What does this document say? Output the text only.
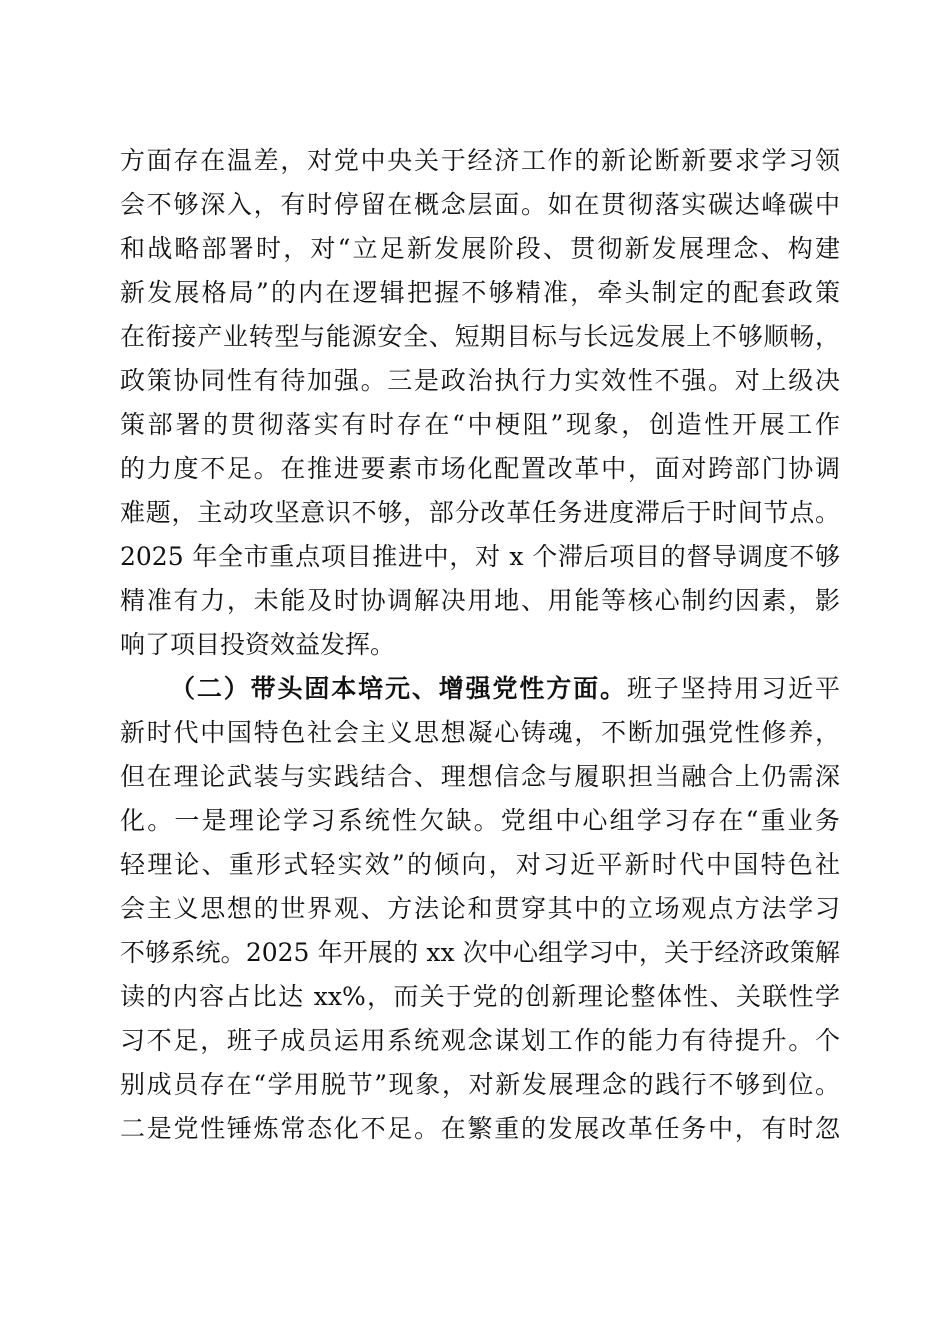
方面存在温差，对党中央关于经济工作的新论断新要求学习领
会不够深入，有时停留在概念层面。如在贯彻落实碳达峰碳中
和战略部署时，对“立足新发展阶段、贯彻新发展理念、构建
新发展格局”的内在逻辑把握不够精准，牵头制定的配套政策
在衔接产业转型与能源安全、短期目标与长远发展上不够顺畅，
政策协同性有待加强。三是政治执行力实效性不强。对上级决
策部署的贯彻落实有时存在“中梗阻”现象，创造性开展工作
的力度不足。在推进要素市场化配置改革中，面对跨部门协调
难题，主动攻坚意识不够，部分改革任务进度滞后于时间节点。
2025 年全市重点项目推进中，对 x 个滞后项目的督导调度不够
精准有力，未能及时协调解决用地、用能等核心制约因素，影
响了项目投资效益发挥。
（二）带头固本培元、增强党性方面。班子坚持用习近平
新时代中国特色社会主义思想凝心铸魂，不断加强党性修养，
但在理论武装与实践结合、理想信念与履职担当融合上仍需深
化。一是理论学习系统性欠缺。党组中心组学习存在“重业务
轻理论、重形式轻实效”的倾向，对习近平新时代中国特色社
会主义思想的世界观、方法论和贯穿其中的立场观点方法学习
不够系统。2025 年开展的 xx 次中心组学习中，关于经济政策解
读的内容占比达 xx%，而关于党的创新理论整体性、关联性学
习不足，班子成员运用系统观念谋划工作的能力有待提升。个
别成员存在“学用脱节”现象，对新发展理念的践行不够到位。
二是党性锤炼常态化不足。在繁重的发展改革任务中，有时忽
